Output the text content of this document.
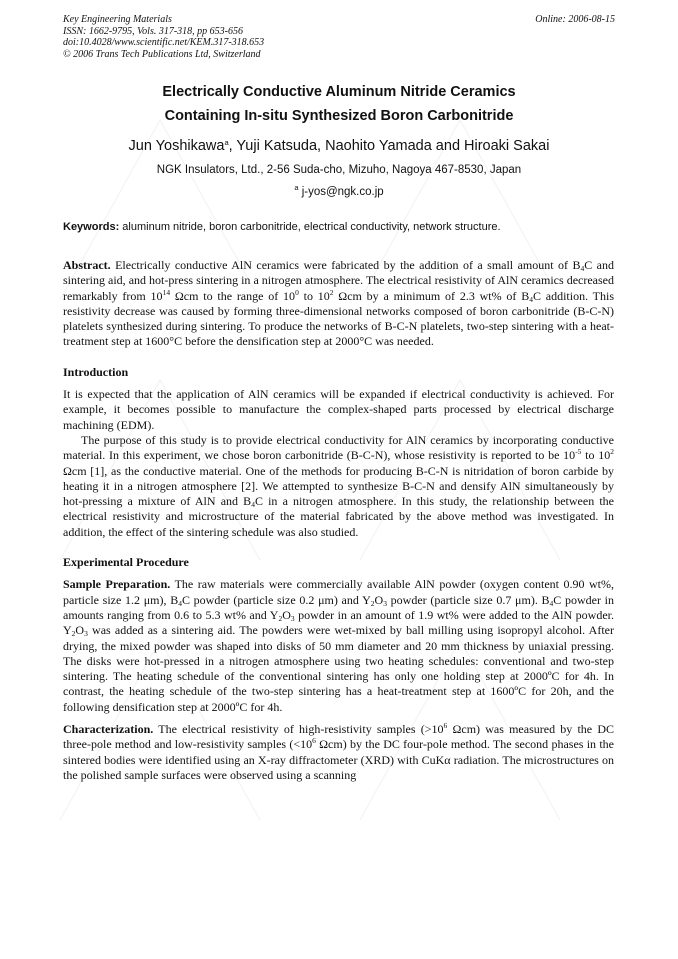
Key Engineering Materials
ISSN: 1662-9795, Vols. 317-318, pp 653-656
doi:10.4028/www.scientific.net/KEM.317-318.653
© 2006 Trans Tech Publications Ltd, Switzerland
Online: 2006-08-15
Electrically Conductive Aluminum Nitride Ceramics
Containing In-situ Synthesized Boron Carbonitride
Jun Yoshikawa$^a$, Yuji Katsuda, Naohito Yamada and Hiroaki Sakai
NGK Insulators, Ltd., 2-56 Suda-cho, Mizuho, Nagoya 467-8530, Japan
$^a$ j-yos@ngk.co.jp
Keywords: aluminum nitride, boron carbonitride, electrical conductivity, network structure.

Abstract. Electrically conductive AlN ceramics were fabricated by the addition of a small amount of $B_4C$ and sintering aid, and hot-press sintering in a nitrogen atmosphere. The electrical resistivity of AlN ceramics decreased remarkably from $10^{14}$ Ωcm to the range of $10^0$ to $10^2$ Ωcm by a minimum of 2.3 wt% of $B_4C$ addition. This resistivity decrease was caused by forming three-dimensional networks composed of boron carbonitride (B-C-N) platelets synthesized during sintering. To produce the networks of B-C-N platelets, two-step sintering with a heat-treatment step at 1600°C before the densification step at 2000°C was needed.

Introduction

It is expected that the application of AlN ceramics will be expanded if electrical conductivity is achieved. For example, it becomes possible to manufacture the complex-shaped parts processed by electrical discharge machining (EDM).

The purpose of this study is to provide electrical conductivity for AlN ceramics by incorporating conductive material. In this experiment, we chose boron carbonitride (B-C-N), whose resistivity is reported to be $10^{-5}$ to $10^2$ Ωcm [1], as the conductive material. One of the methods for producing B-C-N is nitridation of boron carbide by heating it in a nitrogen atmosphere [2]. We attempted to synthesize B-C-N and densify AlN simultaneously by hot-pressing a mixture of AlN and $B_4C$ in a nitrogen atmosphere. In this study, the relationship between the electrical resistivity and microstructure of the material fabricated by the above method was investigated. In addition, the effect of the sintering schedule was also studied.

Experimental Procedure

Sample Preparation. The raw materials were commercially available AlN powder (oxygen content 0.90 wt%, particle size 1.2 μm), $B_4C$ powder (particle size 0.2 μm) and $Y_2O_3$ powder (particle size 0.7 μm). $B_4C$ powder in amounts ranging from 0.6 to 5.3 wt% and $Y_2O_3$ powder in an amount of 1.9 wt% were added to the AlN powder. $Y_2O_3$ was added as a sintering aid. The powders were wet-mixed by ball milling using isopropyl alcohol. After drying, the mixed powder was shaped into disks of 50 mm diameter and 20 mm thickness by uniaxial pressing. The disks were hot-pressed in a nitrogen atmosphere using two heating schedules: conventional and two-step sintering. The heating schedule of the conventional sintering has only one holding step at 2000ºC for 4h. In contrast, the heating schedule of the two-step sintering has a heat-treatment step at 1600ºC for 20h, and the following densification step at 2000ºC for 4h.

Characterization. The electrical resistivity of high-resistivity samples ($>10^6$ Ωcm) was measured by the DC three-pole method and low-resistivity samples ($<10^6$ Ωcm) by the DC four-pole method. The second phases in the sintered bodies were identified using an X-ray diffractometer (XRD) with CuKα radiation. The microstructures on the polished sample surfaces were observed using a scanning
